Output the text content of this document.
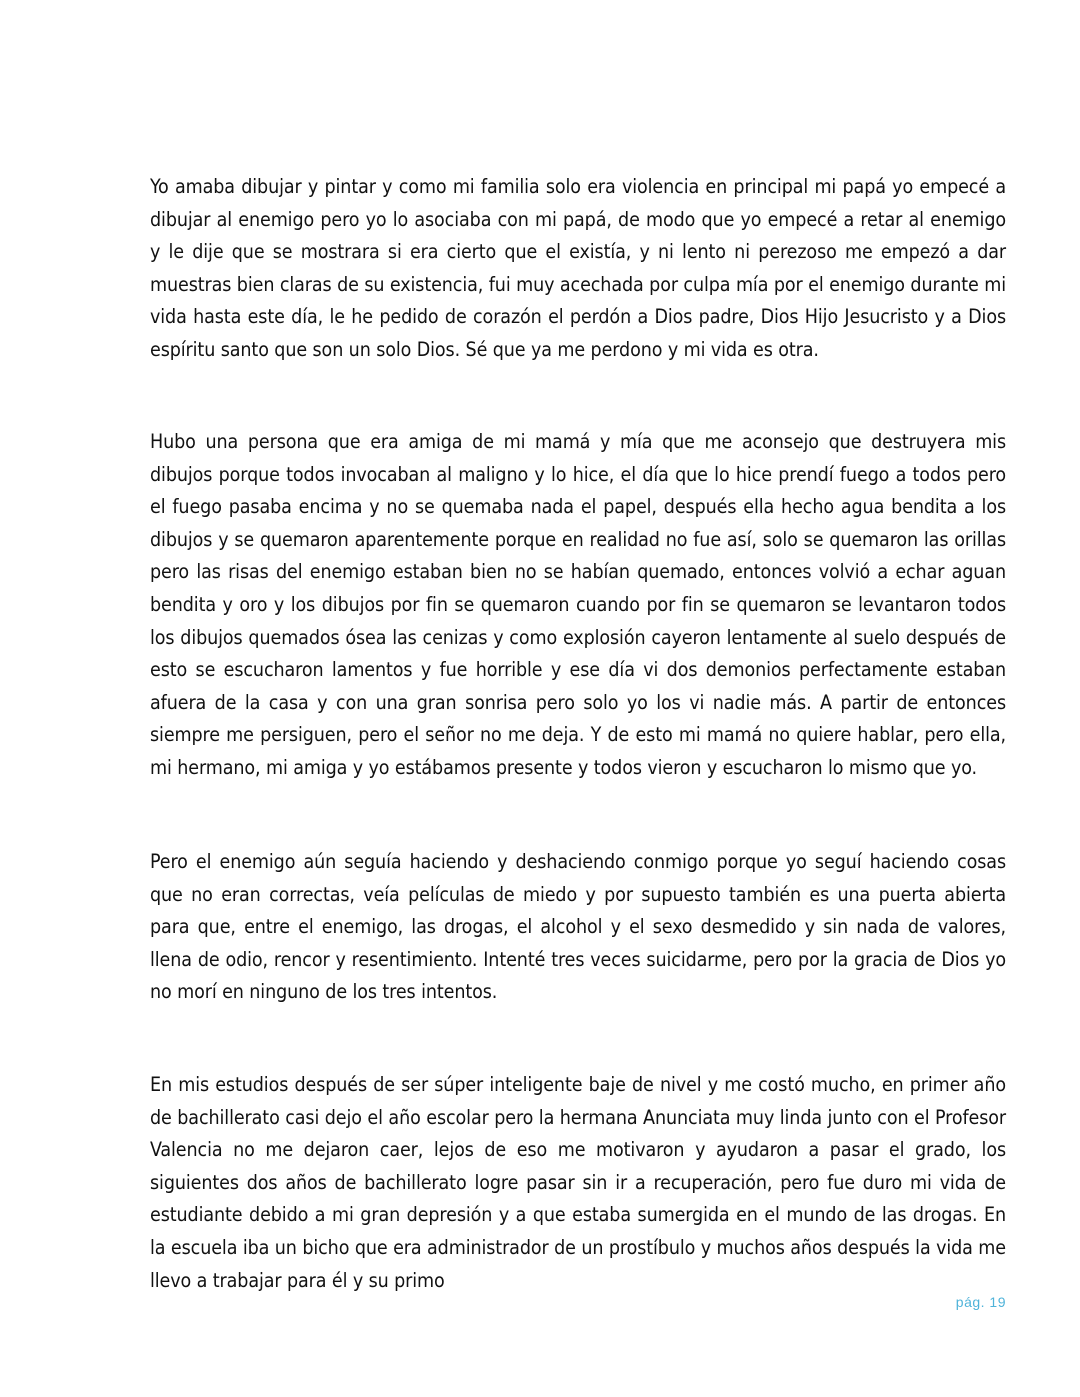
Yo amaba dibujar y pintar y como mi familia solo era violencia en principal mi papá yo empecé a dibujar al enemigo pero yo lo asociaba con mi papá, de modo que yo empecé a retar al enemigo y le dije que se mostrara si era cierto que el existía, y ni lento ni perezoso me empezó a dar muestras bien claras de su existencia, fui muy acechada por culpa mía por el enemigo durante mi vida hasta este día, le he pedido de corazón el perdón a Dios padre, Dios Hijo Jesucristo y a Dios espíritu santo que son un solo Dios. Sé que ya me perdono y mi vida es otra.

Hubo una persona que era amiga de mi mamá y mía que me aconsejo que destruyera mis dibujos porque todos invocaban al maligno y lo hice, el día que lo hice prendí fuego a todos pero el fuego pasaba encima y no se quemaba nada el papel, después ella hecho agua bendita a los dibujos y se quemaron aparentemente porque en realidad no fue así, solo se quemaron las orillas pero las risas del enemigo estaban bien no se habían quemado, entonces volvió a echar aguan bendita y oro y los dibujos por fin se quemaron cuando por fin se quemaron se levantaron todos los dibujos quemados ósea las cenizas y como explosión cayeron lentamente al suelo después de esto se escucharon lamentos y fue horrible y ese día vi dos demonios perfectamente estaban afuera de la casa y con una gran sonrisa pero solo yo los vi nadie más. A partir de entonces siempre me persiguen, pero el señor no me deja. Y de esto mi mamá no quiere hablar, pero ella, mi hermano, mi amiga y yo estábamos presente y todos vieron y escucharon lo mismo que yo.

Pero el enemigo aún seguía haciendo y deshaciendo conmigo porque yo seguí haciendo cosas que no eran correctas, veía películas de miedo y por supuesto también es una puerta abierta para que, entre el enemigo, las drogas, el alcohol y el sexo desmedido y sin nada de valores, llena de odio, rencor y resentimiento. Intenté tres veces suicidarme, pero por la gracia de Dios yo no morí en ninguno de los tres intentos.

En mis estudios después de ser súper inteligente baje de nivel y me costó mucho, en primer año de bachillerato casi dejo el año escolar pero la hermana Anunciata muy linda junto con el Profesor Valencia no me dejaron caer, lejos de eso me motivaron y ayudaron a pasar el grado, los siguientes dos años de bachillerato logre pasar sin ir a recuperación, pero fue duro mi vida de estudiante debido a mi gran depresión y a que estaba sumergida en el mundo de las drogas. En la escuela iba un bicho que era administrador de un prostíbulo y muchos años después la vida me llevo a trabajar para él y su primo

pág. 19
